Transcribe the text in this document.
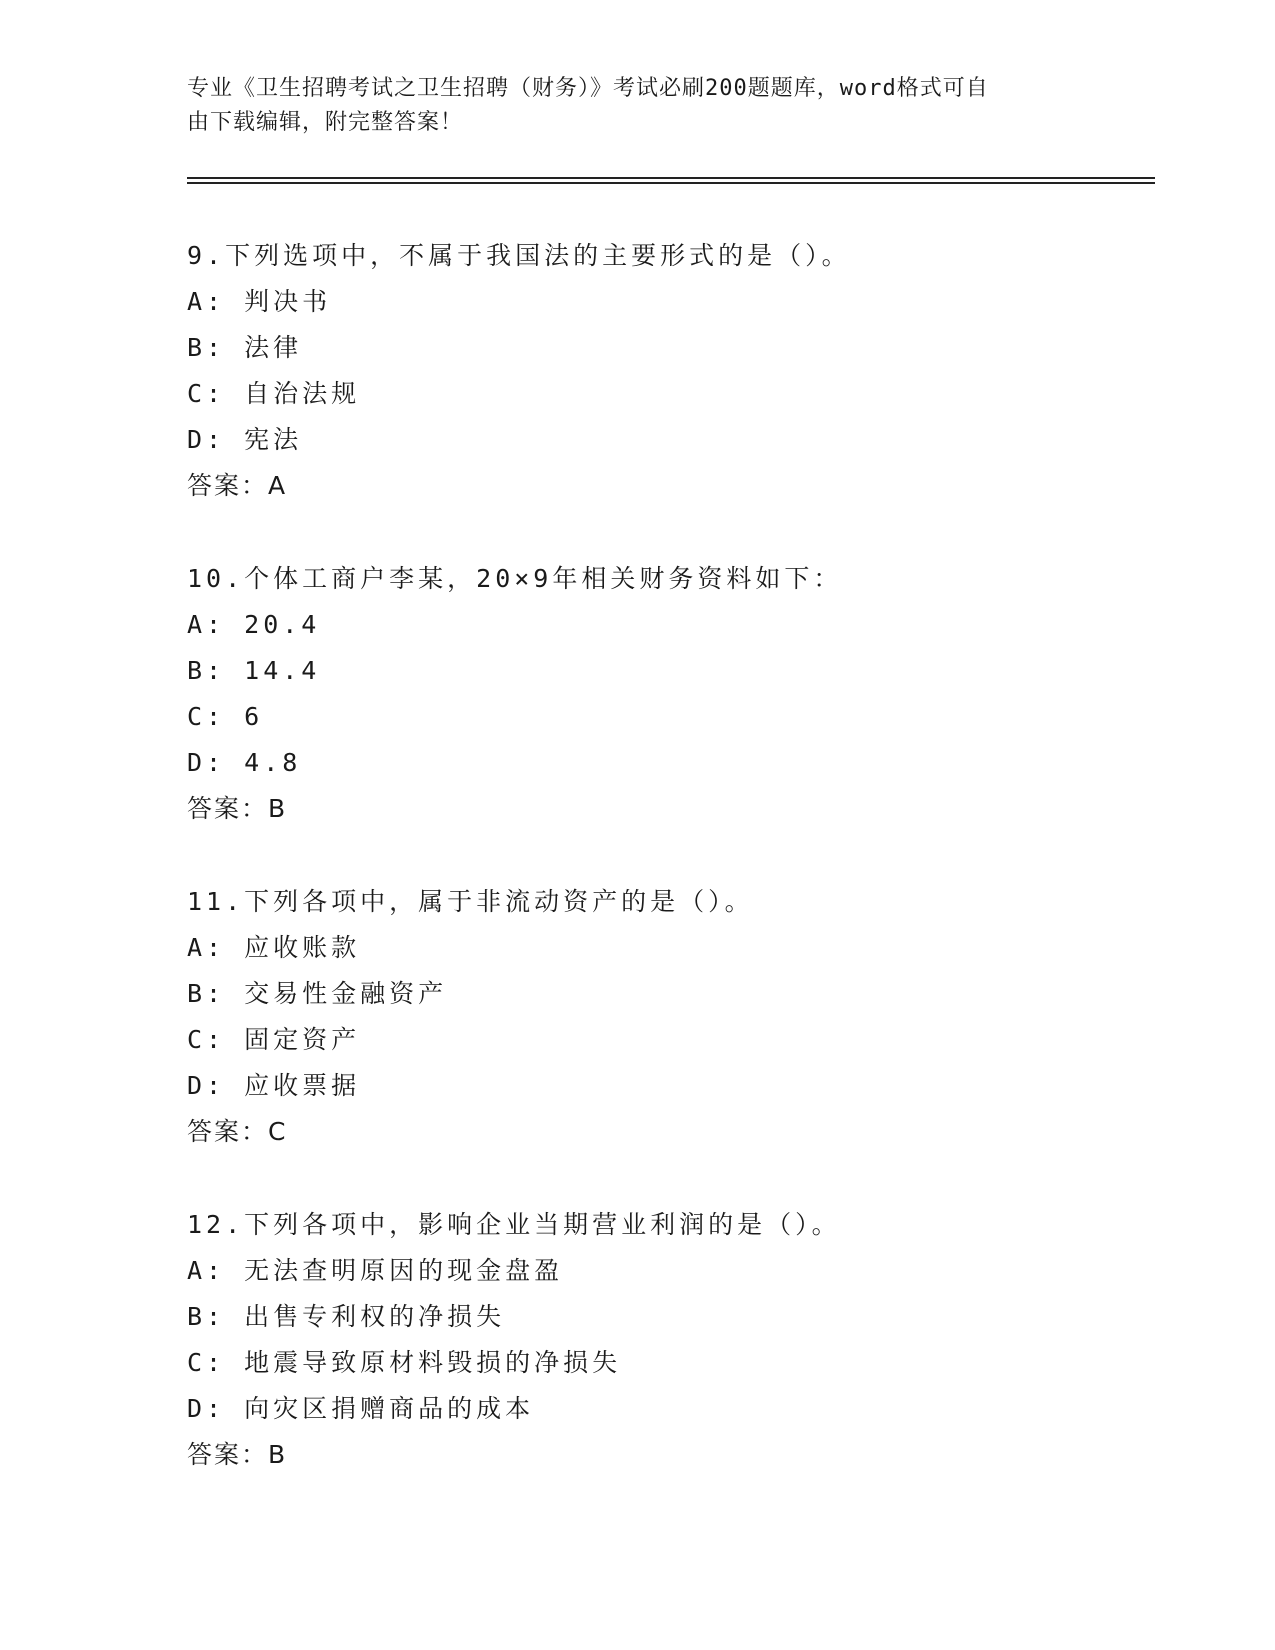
专业《卫生招聘考试之卫生招聘（财务）》考试必刷200题题库，word格式可自
由下载编辑，附完整答案！
9.下列选项中，不属于我国法的主要形式的是（）。
A: 判决书
B: 法律
C: 自治法规
D: 宪法
答案：A
10.个体工商户李某，20×9年相关财务资料如下：
A: 20.4
B: 14.4
C: 6
D: 4.8
答案：B
11.下列各项中，属于非流动资产的是（）。
A: 应收账款
B: 交易性金融资产
C: 固定资产
D: 应收票据
答案：C
12.下列各项中，影响企业当期营业利润的是（）。
A: 无法查明原因的现金盘盈
B: 出售专利权的净损失
C: 地震导致原材料毁损的净损失
D: 向灾区捐赠商品的成本
答案：B
